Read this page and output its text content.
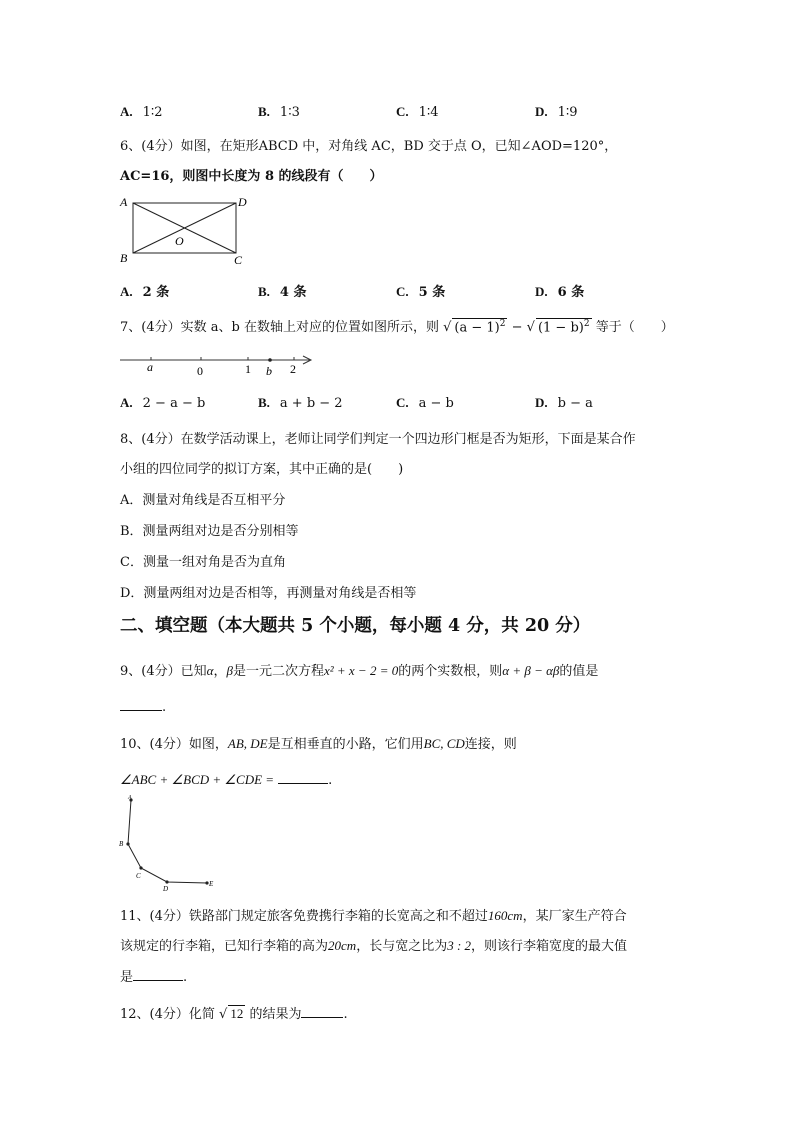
A. 1∶2	B. 1∶3	C. 1∶4	D. 1∶9
6、(4分）如图，在矩形ABCD 中，对角线 AC，BD 交于点 O，已知∠AOD=120°，
AC=16，则图中长度为 8 的线段有（　　）
A	D
B	C
O
A. 2 条	B. 4 条	C. 5 条	D. 6 条
7、(4分）实数 a、b 在数轴上对应的位置如图所示，则 √ $(a - 1)^2$ − √ $(1 - b)^2$ 等于（　　）
a	0	1 b 2
A. 2 − a − b	B. a + b − 2	C. a − b	D. b − a
8、(4分）在数学活动课上，老师让同学们判定一个四边形门框是否为矩形，下面是某合作
小组的四位同学的拟订方案，其中正确的是(　　)
A．测量对角线是否互相平分
B．测量两组对边是否分别相等
C．测量一组对角是否为直角
D．测量两组对边是否相等，再测量对角线是否相等
二、填空题（本大题共 5 个小题，每小题 4 分，共 20 分）
9、(4分）已知α，β是一元二次方程x² + x − 2 = 0的两个实数根，则α + β − αβ的值是
.
10、(4分）如图，AB, DE是互相垂直的小路，它们用BC, CD连接，则
∠ABC + ∠BCD + ∠CDE =	.
A
B
C
D
E
11、(4分）铁路部门规定旅客免费携行李箱的长宽高之和不超过160cm，某厂家生产符合
该规定的行李箱，已知行李箱的高为20cm，长与宽之比为3 : 2，则该行李箱宽度的最大值
是	.
12、(4分）化简 √ 12 的结果为	.
